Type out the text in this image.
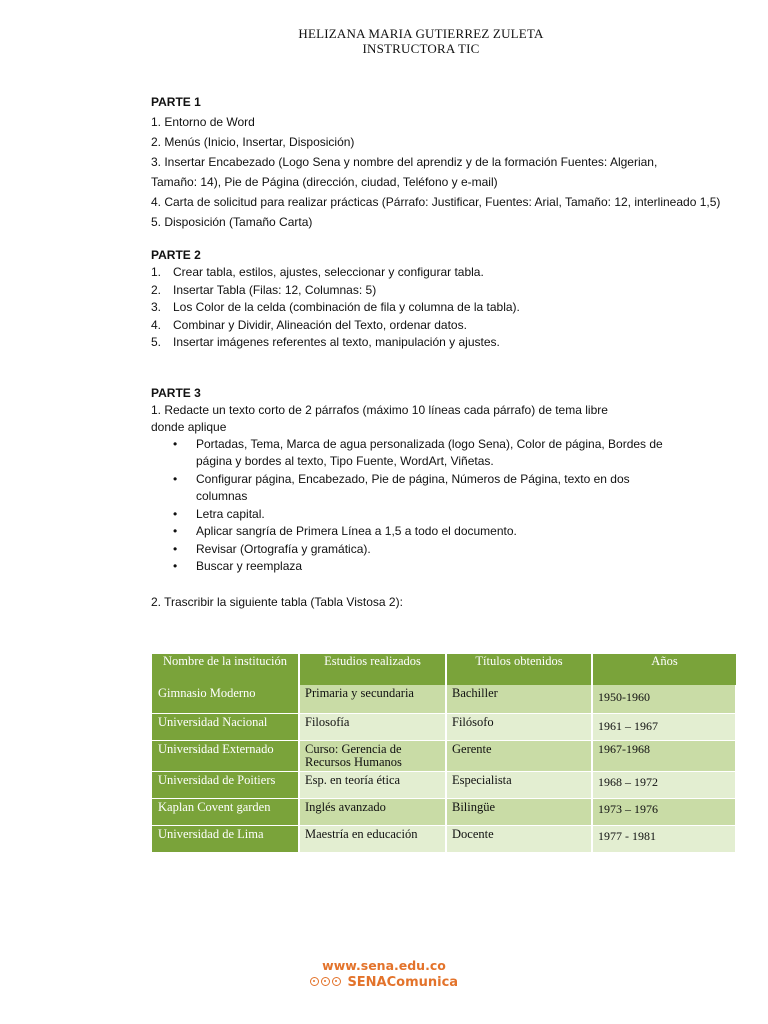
HELIZANA MARIA GUTIERREZ ZULETA
INSTRUCTORA TIC

PARTE 1

1. Entorno de Word

2. Menús (Inicio, Insertar, Disposición)

3. Insertar Encabezado (Logo Sena y nombre del aprendiz y de la formación Fuentes: Algerian,

Tamaño: 14), Pie de Página (dirección, ciudad, Teléfono y e-mail)

4. Carta de solicitud para realizar prácticas (Párrafo: Justificar, Fuentes: Arial, Tamaño: 12, interlineado 1,5)

5. Disposición (Tamaño Carta)

PARTE 2

1. Crear tabla, estilos, ajustes, seleccionar y configurar tabla.
2. Insertar Tabla (Filas: 12, Columnas: 5)
3. Los Color de la celda (combinación de fila y columna de la tabla).
4. Combinar y Dividir, Alineación del Texto, ordenar datos.
5. Insertar imágenes referentes al texto, manipulación y ajustes.

PARTE 3

1. Redacte un texto corto de 2 párrafos (máximo 10 líneas cada párrafo) de tema libre donde aplique

• Portadas, Tema, Marca de agua personalizada (logo Sena), Color de página, Bordes de página y bordes al texto, Tipo Fuente, WordArt, Viñetas.
• Configurar página, Encabezado, Pie de página, Números de Página, texto en dos columnas
• Letra capital.
• Aplicar sangría de Primera Línea a 1,5 a todo el documento.
• Revisar (Ortografía y gramática).
• Buscar y reemplaza

2. Trascribir la siguiente tabla (Tabla Vistosa 2):

Nombre de la institución	Estudios realizados	Títulos obtenidos	Años
Gimnasio Moderno	Primaria y secundaria	Bachiller	1950-1960
Universidad Nacional	Filosofía	Filósofo	1961 – 1967
Universidad Externado	Curso: Gerencia de Recursos Humanos	Gerente	1967-1968
Universidad de Poitiers	Esp. en teoría ética	Especialista	1968 – 1972
Kaplan Covent garden	Inglés avanzado	Bilingüe	1973 – 1976
Universidad de Lima	Maestría en educación	Docente	1977 - 1981
www.sena.edu.co
SENAComunica
